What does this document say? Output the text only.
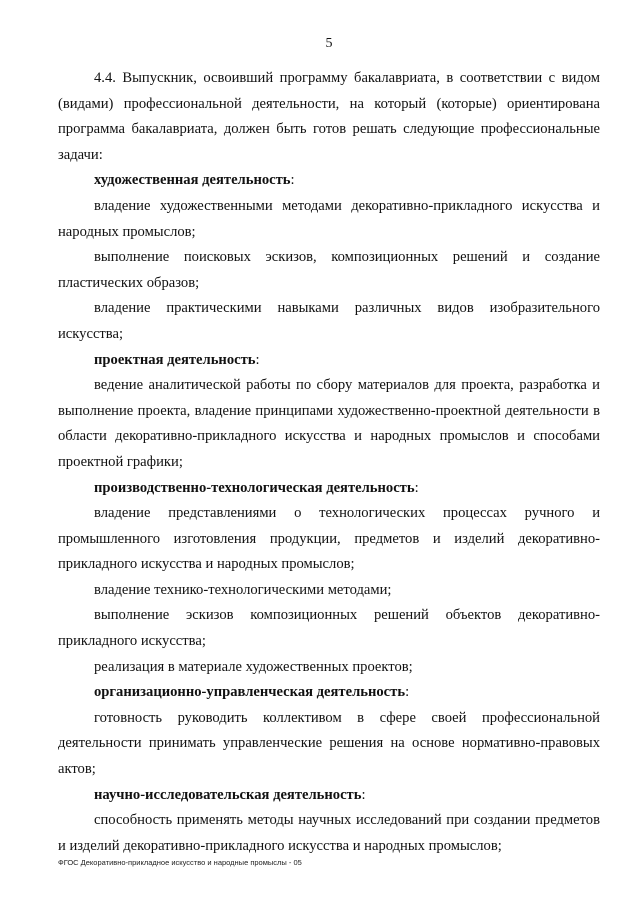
5

4.4. Выпускник, освоивший программу бакалавриата, в соответствии с видом (видами) профессиональной деятельности, на который (которые) ориентирована программа бакалавриата, должен быть готов решать следующие профессиональные задачи:

художественная деятельность:

владение художественными методами декоративно-прикладного искусства и народных промыслов;

выполнение поисковых эскизов, композиционных решений и создание пластических образов;

владение практическими навыками различных видов изобразительного искусства;

проектная деятельность:

ведение аналитической работы по сбору материалов для проекта, разработка и выполнение проекта, владение принципами художественно-проектной деятельности в области декоративно-прикладного искусства и народных промыслов и способами проектной графики;

производственно-технологическая деятельность:

владение представлениями о технологических процессах ручного и промышленного изготовления продукции, предметов и изделий декоративно-прикладного искусства и народных промыслов;

владение технико-технологическими методами;

выполнение эскизов композиционных решений объектов декоративно-прикладного искусства;

реализация в материале художественных проектов;

организационно-управленческая деятельность:

готовность руководить коллективом в сфере своей профессиональной деятельности принимать управленческие решения на основе нормативно-правовых актов;

научно-исследовательская деятельность:

способность применять методы научных исследований при создании предметов и изделий декоративно-прикладного искусства и народных промыслов;

ФГОС Декоративно-прикладное искусство и народные промыслы - 05
